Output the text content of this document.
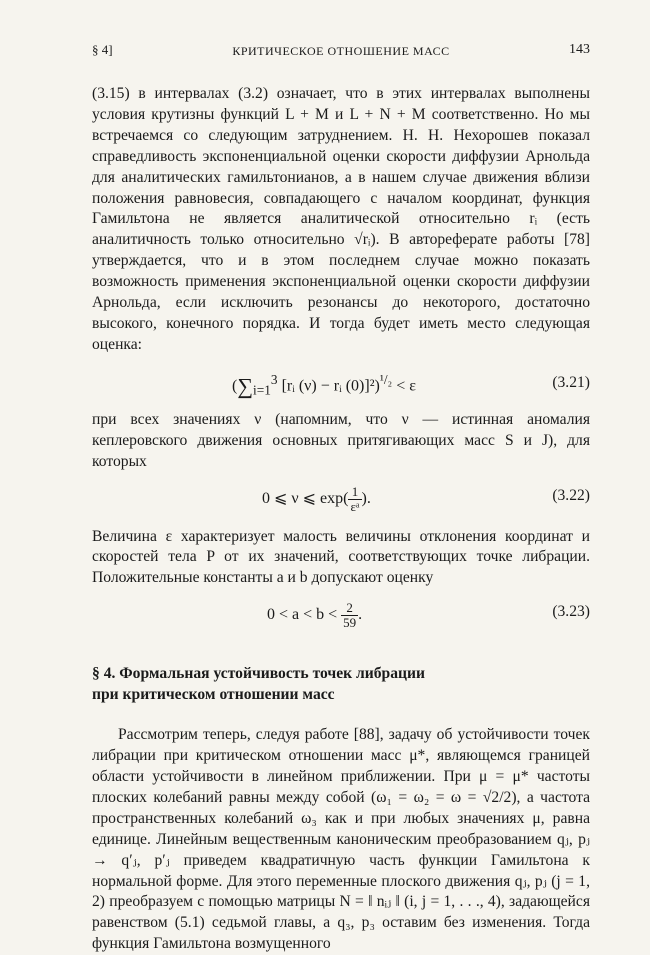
§ 4]	КРИТИЧЕСКОЕ ОТНОШЕНИЕ МАСС	143

(3.15) в интервалах (3.2) означает, что в этих интервалах выполнены условия крутизны функций L + M и L + N + M соответственно. Но мы встречаемся со следующим затруднением. Н. Н. Нехорошев показал справедливость экспоненциальной оценки скорости диффузии Арнольда для аналитических гамильтонианов, а в нашем случае движения вблизи положения равновесия, совпадающего с началом координат, функция Гамильтона не является аналитической относительно rᵢ (есть аналитичность только относительно √rᵢ). В автореферате работы [78] утверждается, что и в этом последнем случае можно показать возможность применения экспоненциальной оценки скорости диффузии Арнольда, если исключить резонансы до некоторого, достаточно высокого, конечного порядка. И тогда будет иметь место следующая оценка:

($\sum_{i=1}^3$ [rᵢ (ν) − rᵢ (0)]²)$^{^1/_2}$ < ε	(3.21)

при всех значениях ν (напомним, что ν — истинная аномалия кеплеровского движения основных притягивающих масс S и J), для которых

0 ⩽ ν ⩽ $\exp( \frac{1}{\text{εᵃ}}$ ).	(3.22)

Величина ε характеризует малость величины отклонения координат и скоростей тела P от их значений, соответствующих точке либрации. Положительные константы a и b допускают оценку

$0 < a < b < \frac{2}{59}$ .	(3.23)
§ 4. Формальная устойчивость точек либрации
при критическом отношении масс

Рассмотрим теперь, следуя работе [88], задачу об устойчивости точек либрации при критическом отношении масс μ*, являющемся границей области устойчивости в линейном приближении. При μ = μ* частоты плоских колебаний равны между собой (ω₁ = ω₂ = ω = √2/2), а частота пространственных колебаний ω₃ как и при любых значениях μ, равна единице. Линейным вещественным каноническим преобразованием qⱼ, pⱼ → q′ⱼ, p′ⱼ приведем квадратичную часть функции Гамильтона к нормальной форме. Для этого переменные плоского движения qⱼ, pⱼ (j = 1, 2) преобразуем с помощью матрицы N = ‖ nᵢⱼ ‖ (i, j = 1, . . ., 4), задающейся равенством (5.1) седьмой главы, а q₃, p₃ оставим без изменения. Тогда функция Гамильтона возмущенного
